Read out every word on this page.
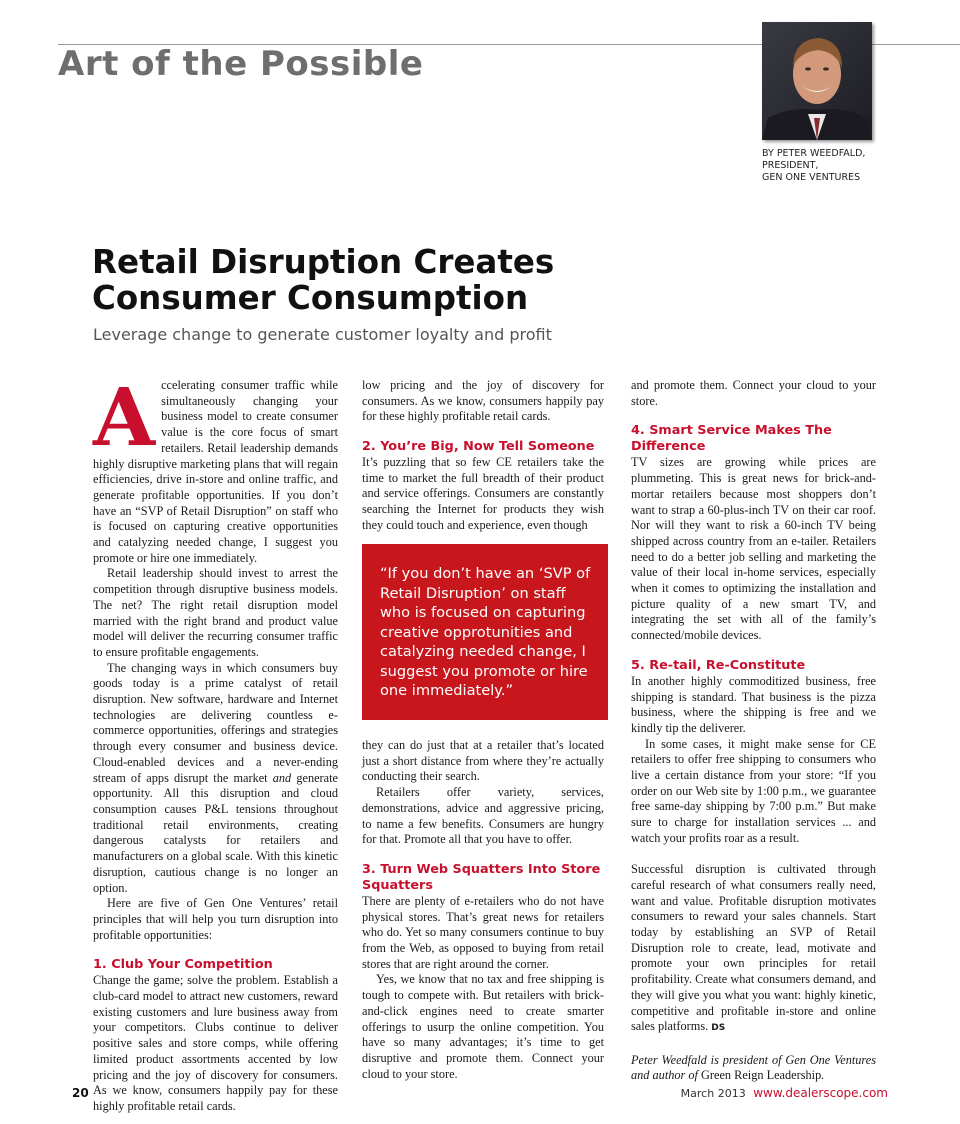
Art of the Possible
BY PETER WEEDFALD,
PRESIDENT,
GEN ONE VENTURES
Retail Disruption Creates
Consumer Consumption
Leverage change to generate customer loyalty and profit
A ccelerating consumer traffic while simultaneously changing your business model to create consumer value is the core focus of smart retailers. Retail leadership demands highly disruptive marketing plans that will regain efficiencies, drive in-store and online traffic, and generate profitable opportunities. If you don’t have an “SVP of Retail Disruption” on staff who is focused on capturing creative opportunities and catalyzing needed change, I suggest you promote or hire one immediately.

Retail leadership should invest to arrest the competition through disruptive business models. The net? The right retail disruption model married with the right brand and product value model will deliver the recurring consumer traffic to ensure profitable engagements.

The changing ways in which consumers buy goods today is a prime catalyst of retail disruption. New software, hardware and Internet technologies are delivering countless e-commerce opportunities, offerings and strategies through every consumer and business device. Cloud-enabled devices and a never-ending stream of apps disrupt the market and generate opportunity. All this disruption and cloud consumption causes P&L tensions throughout traditional retail environments, creating dangerous catalysts for retailers and manufacturers on a global scale. With this kinetic disruption, cautious change is no longer an option.

Here are five of Gen One Ventures’ retail principles that will help you turn disruption into profitable opportunities:

1. Club Your Competition

Change the game; solve the problem. Establish a club-card model to attract new customers, reward existing customers and lure business away from your competitors. Clubs continue to deliver positive sales and store comps, while offering limited product assortments accented by low pricing and the joy of discovery for consumers. As we know, consumers happily pay for these highly profitable retail cards.

low pricing and the joy of discovery for consumers. As we know, consumers happily pay for these highly profitable retail cards.

2. You’re Big, Now Tell Someone

It’s puzzling that so few CE retailers take the time to market the full breadth of their product and service offerings. Consumers are constantly searching the Internet for products they wish they could touch and experience, even though

“If you don’t have an ‘SVP of Retail Disruption’ on staff who is focused on capturing creative opprotunities and catalyzing needed change, I suggest you promote or hire one immediately.”

they can do just that at a retailer that’s located just a short distance from where they’re actually conducting their search.

Retailers offer variety, services, demonstrations, advice and aggressive pricing, to name a few benefits. Consumers are hungry for that. Promote all that you have to offer.

3. Turn Web Squatters Into Store Squatters

There are plenty of e-retailers who do not have physical stores. That’s great news for retailers who do. Yet so many consumers continue to buy from the Web, as opposed to buying from retail stores that are right around the corner.

Yes, we know that no tax and free shipping is tough to compete with. But retailers with brick-and-click engines need to create smarter offerings to usurp the online competition. You have so many advantages; it’s time to get disruptive and promote them. Connect your cloud to your store.

and promote them. Connect your cloud to your store.

4. Smart Service Makes The Difference

TV sizes are growing while prices are plummeting. This is great news for brick-and-mortar retailers because most shoppers don’t want to strap a 60-plus-inch TV on their car roof. Nor will they want to risk a 60-inch TV being shipped across country from an e-tailer. Retailers need to do a better job selling and marketing the value of their local in-home services, especially when it comes to optimizing the installation and picture quality of a new smart TV, and integrating the set with all of the family’s connected/mobile devices.

5. Re-tail, Re-Constitute

In another highly commoditized business, free shipping is standard. That business is the pizza business, where the shipping is free and we kindly tip the deliverer.

In some cases, it might make sense for CE retailers to offer free shipping to consumers who live a certain distance from your store: “If you order on our Web site by 1:00 p.m., we guarantee free same-day shipping by 7:00 p.m.” But make sure to charge for installation services ... and watch your profits roar as a result.

Successful disruption is cultivated through careful research of what consumers really need, want and value. Profitable disruption motivates consumers to reward your sales channels. Start today by establishing an SVP of Retail Disruption role to create, lead, motivate and promote your own principles for retail profitability. Create what consumers demand, and they will give you what you want: highly kinetic, competitive and profitable in-store and online sales platforms. DS

Peter Weedfald is president of Gen One Ventures and author of Green Reign Leadership.

20	March 2013 www.dealerscope.com
